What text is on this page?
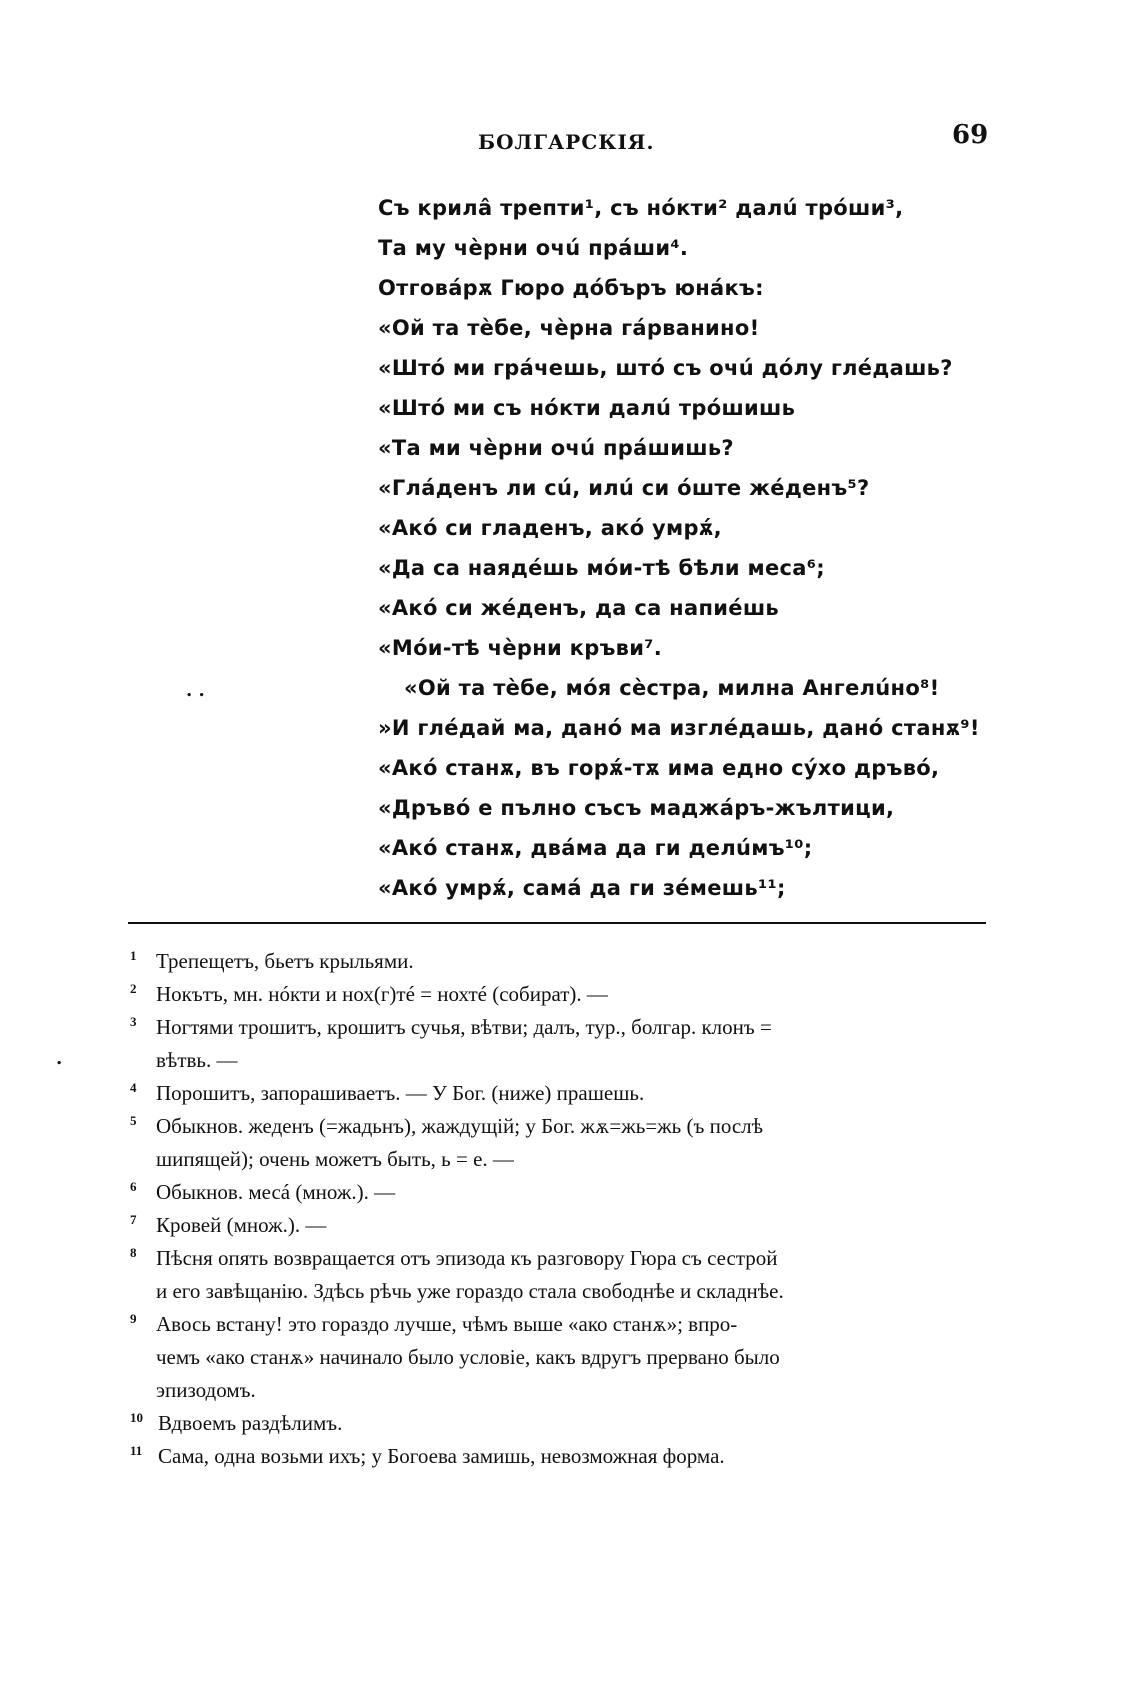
БОЛГАРСКІЯ.	69
Съ крилâ трепти¹, съ нóкти² далú трóши³,
Та му чèрни очú прáши⁴.
Отговáрѫ Гюро дóбъръ юнáкъ:
«Ой та тèбе, чèрна гáрванино!
«Штó ми грáчешь, штó съ очú дóлу глéдашь?
«Штó ми съ нóкти далú трóшишь
«Та ми чèрни очú прáшишь?
«Глáденъ ли сú, илú си óште жéденъ⁵?
«Акó си гладенъ, акó умрѫ́,
«Да са наядéшь мóи-тѣ бѣли меса⁶;
«Акó си жéденъ, да са напиéшь
«Мóи-тѣ чèрни кръви⁷.
«Ой та тèбе, мóя сèстра, милна Ангелúно⁸!
»И глéдай ма, данó ма изглéдашь, данó станѫ⁹!
«Акó станѫ, въ горѫ́-тѫ има едно сýхо дръвó,
«Дръвó е пълно съсъ маджáръ-жълтици,
«Акó станѫ, двáма да ги делúмъ¹⁰;
«Акó умрѫ́, самá да ги зéмешь¹¹;
. .
.
1 Трепещетъ, бьетъ крыльями.
2 Нокътъ, мн. нóкти и нох(г)тé = нохтé (собират). —
3 Ногтями трошитъ, крошитъ сучья, вѣтви; далъ, тур., болгар. клонъ =
вѣтвь. —
4 Порошитъ, запорашиваетъ. — У Бог. (ниже) прашешь.
5 Обыкнов. жеденъ (=жадьнъ), жаждущій; у Бог. жѫ=жь=жь (ъ послѣ
шипящей); очень можетъ быть, ь = е. —
6 Обыкнов. месá (множ.). —
7 Кровей (множ.). —
8 Пѣсня опять возвращается отъ эпизода къ разговору Гюра съ сестрой
и его завѣщанію. Здѣсь рѣчь уже гораздо стала свободнѣе и складнѣе.
9 Авось встану! это гораздо лучше, чѣмъ выше «ако станѫ»; впро-
чемъ «ако станѫ» начинало было условіе, какъ вдругъ прервано было
эпизодомъ.
10 Вдвоемъ раздѣлимъ.
11 Сама, одна возьми ихъ; у Богоева замишь, невозможная форма.
